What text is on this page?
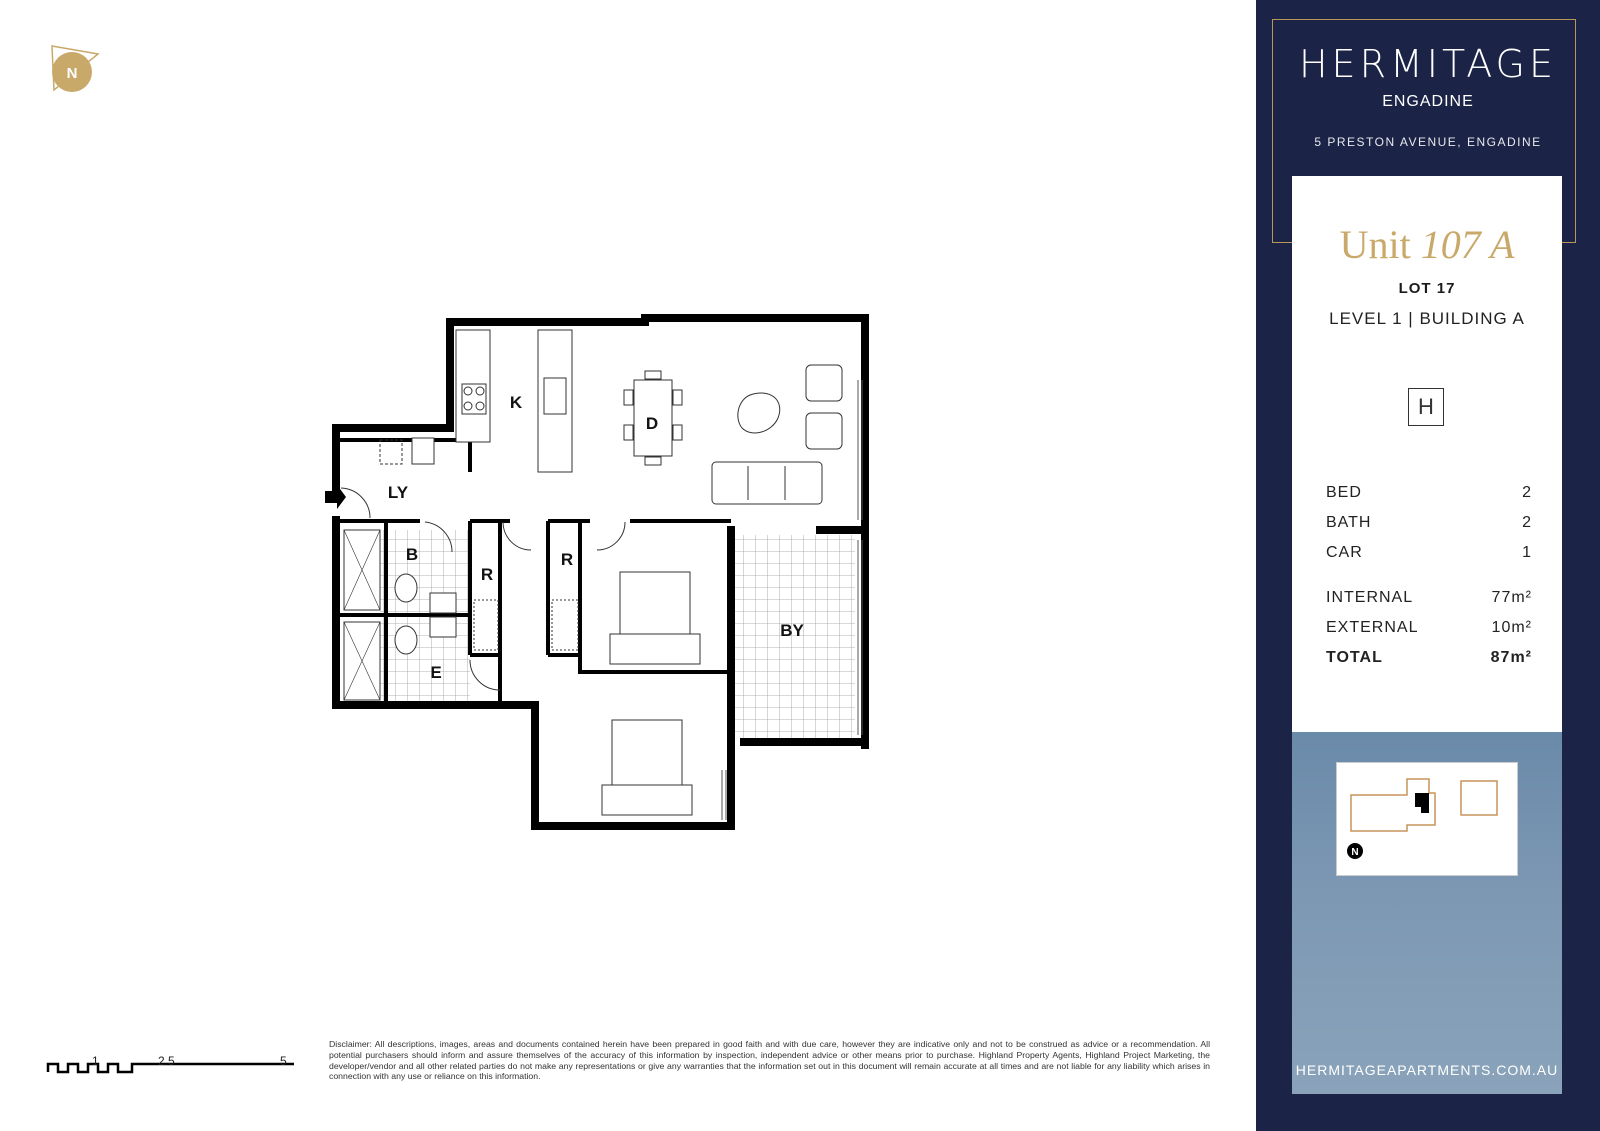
N
K
D
LY
B
R
R
E
BY
1	2.5	5
Disclaimer: All descriptions, images, areas and documents contained herein have been prepared in good faith and with due care, however they are indicative only and not to be construed as advice or a recommendation. All potential purchasers should inform and assure themselves of the accuracy of this information by inspection, independent advice or other means prior to purchase. Highland Property Agents, Highland Project Marketing, the developer/vendor and all other related parties do not make any representations or give any warranties that the information set out in this document will remain accurate at all times and are not liable for any liability which arises in connection with any use or reliance on this information.
HERMITAGE
ENGADINE
5 PRESTON AVENUE, ENGADINE
Unit 107 A
LOT 17
LEVEL 1 | BUILDING A
H
BED	2
BATH	2
CAR	1
INTERNAL	77m²
EXTERNAL	10m²
TOTAL	87m²
N
HERMITAGEAPARTMENTS.COM.AU
